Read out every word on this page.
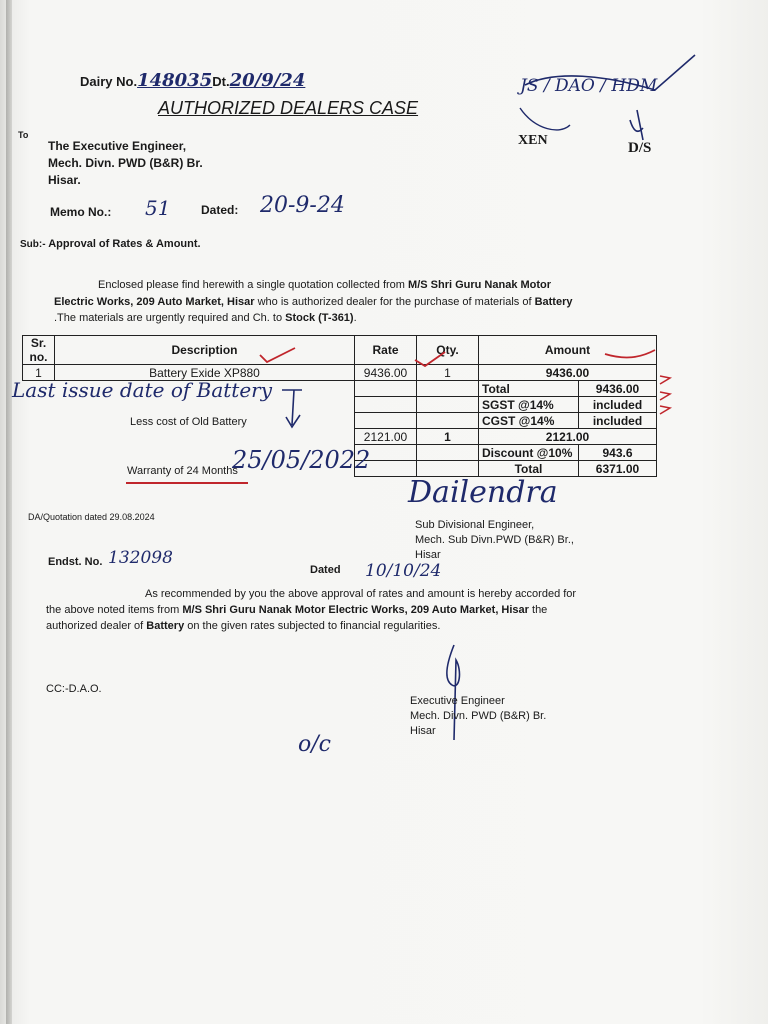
Dairy No.148035Dt.20/9/24
AUTHORIZED DEALERS CASE
JS / DAO / HDM
XEN	D/S
To
The Executive Engineer,
Mech. Divn. PWD (B&R) Br.
Hisar.
Memo No.: 51	Dated: 20-9-24
Sub:- Approval of Rates & Amount.
Enclosed please find herewith a single quotation collected from M/S Shri Guru Nanak Motor
Electric Works, 209 Auto Market, Hisar who is authorized dealer for the purchase of materials of Battery
.The materials are urgently required and Ch. to Stock (T-361).
Sr. no.	Description	Rate	Qty.	Amount	
1	Battery Exide XP880	9436.00	1	9436.00	
				Total	9436.00
				SGST @14%	included
				CGST @14%	included
		2121.00	1	2121.00	
				Discount @10%	943.6
				Total	6371.00
Last issue date of Battery
Less cost of Old Battery
25/05/2022
Warranty of 24 Months
DA/Quotation dated 29.08.2024
Dailendra
Sub Divisional Engineer,
Mech. Sub Divn.PWD (B&R) Br.,
Hisar
Endst. No. 132098
Dated 10/10/24
As recommended by you the above approval of rates and amount is hereby accorded for
the above noted items from M/S Shri Guru Nanak Motor Electric Works, 209 Auto Market, Hisar the
authorized dealer of Battery on the given rates subjected to financial regularities.
CC:-D.A.O.
Executive Engineer
Mech. Divn. PWD (B&R) Br.
Hisar
o/c
